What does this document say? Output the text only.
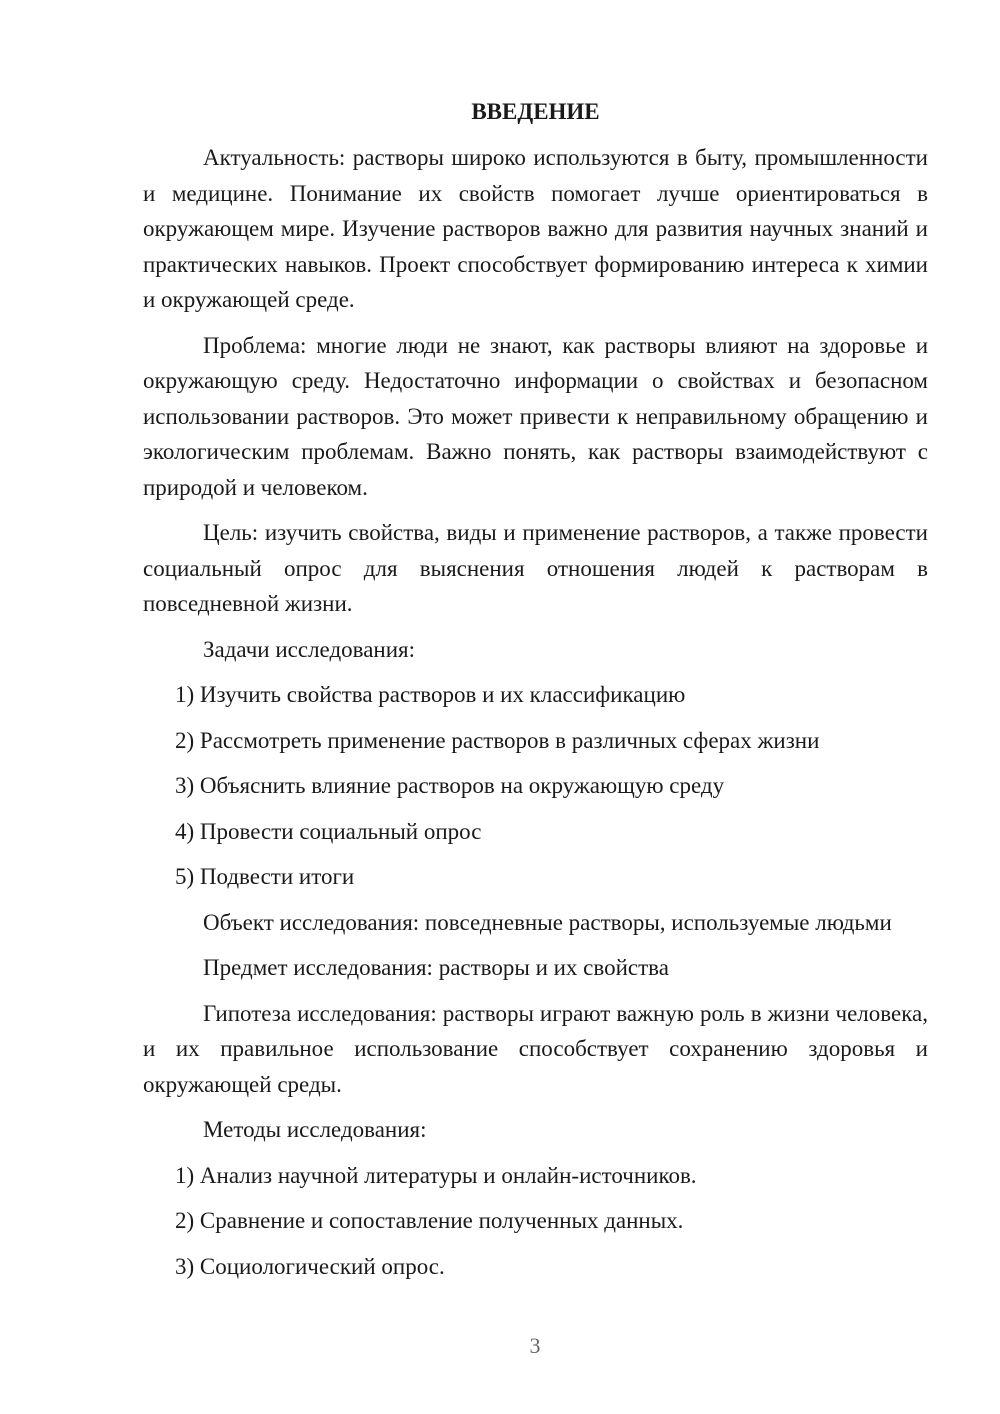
ВВЕДЕНИЕ

Актуальность: растворы широко используются в быту, промышленности и медицине. Понимание их свойств помогает лучше ориентироваться в окружающем мире. Изучение растворов важно для развития научных знаний и практических навыков. Проект способствует формированию интереса к химии и окружающей среде.

Проблема: многие люди не знают, как растворы влияют на здоровье и окружающую среду. Недостаточно информации о свойствах и безопасном использовании растворов. Это может привести к неправильному обращению и экологическим проблемам. Важно понять, как растворы взаимодействуют с природой и человеком.

Цель: изучить свойства, виды и применение растворов, а также провести социальный опрос для выяснения отношения людей к растворам в повседневной жизни.

Задачи исследования:
1) Изучить свойства растворов и их классификацию
2) Рассмотреть применение растворов в различных сферах жизни
3) Объяснить влияние растворов на окружающую среду
4) Провести социальный опрос
5) Подвести итоги

Объект исследования: повседневные растворы, используемые людьми

Предмет исследования: растворы и их свойства

Гипотеза исследования: растворы играют важную роль в жизни человека, и их правильное использование способствует сохранению здоровья и окружающей среды.

Методы исследования:
1) Анализ научной литературы и онлайн-источников.
2) Сравнение и сопоставление полученных данных.
3) Социологический опрос.
3
